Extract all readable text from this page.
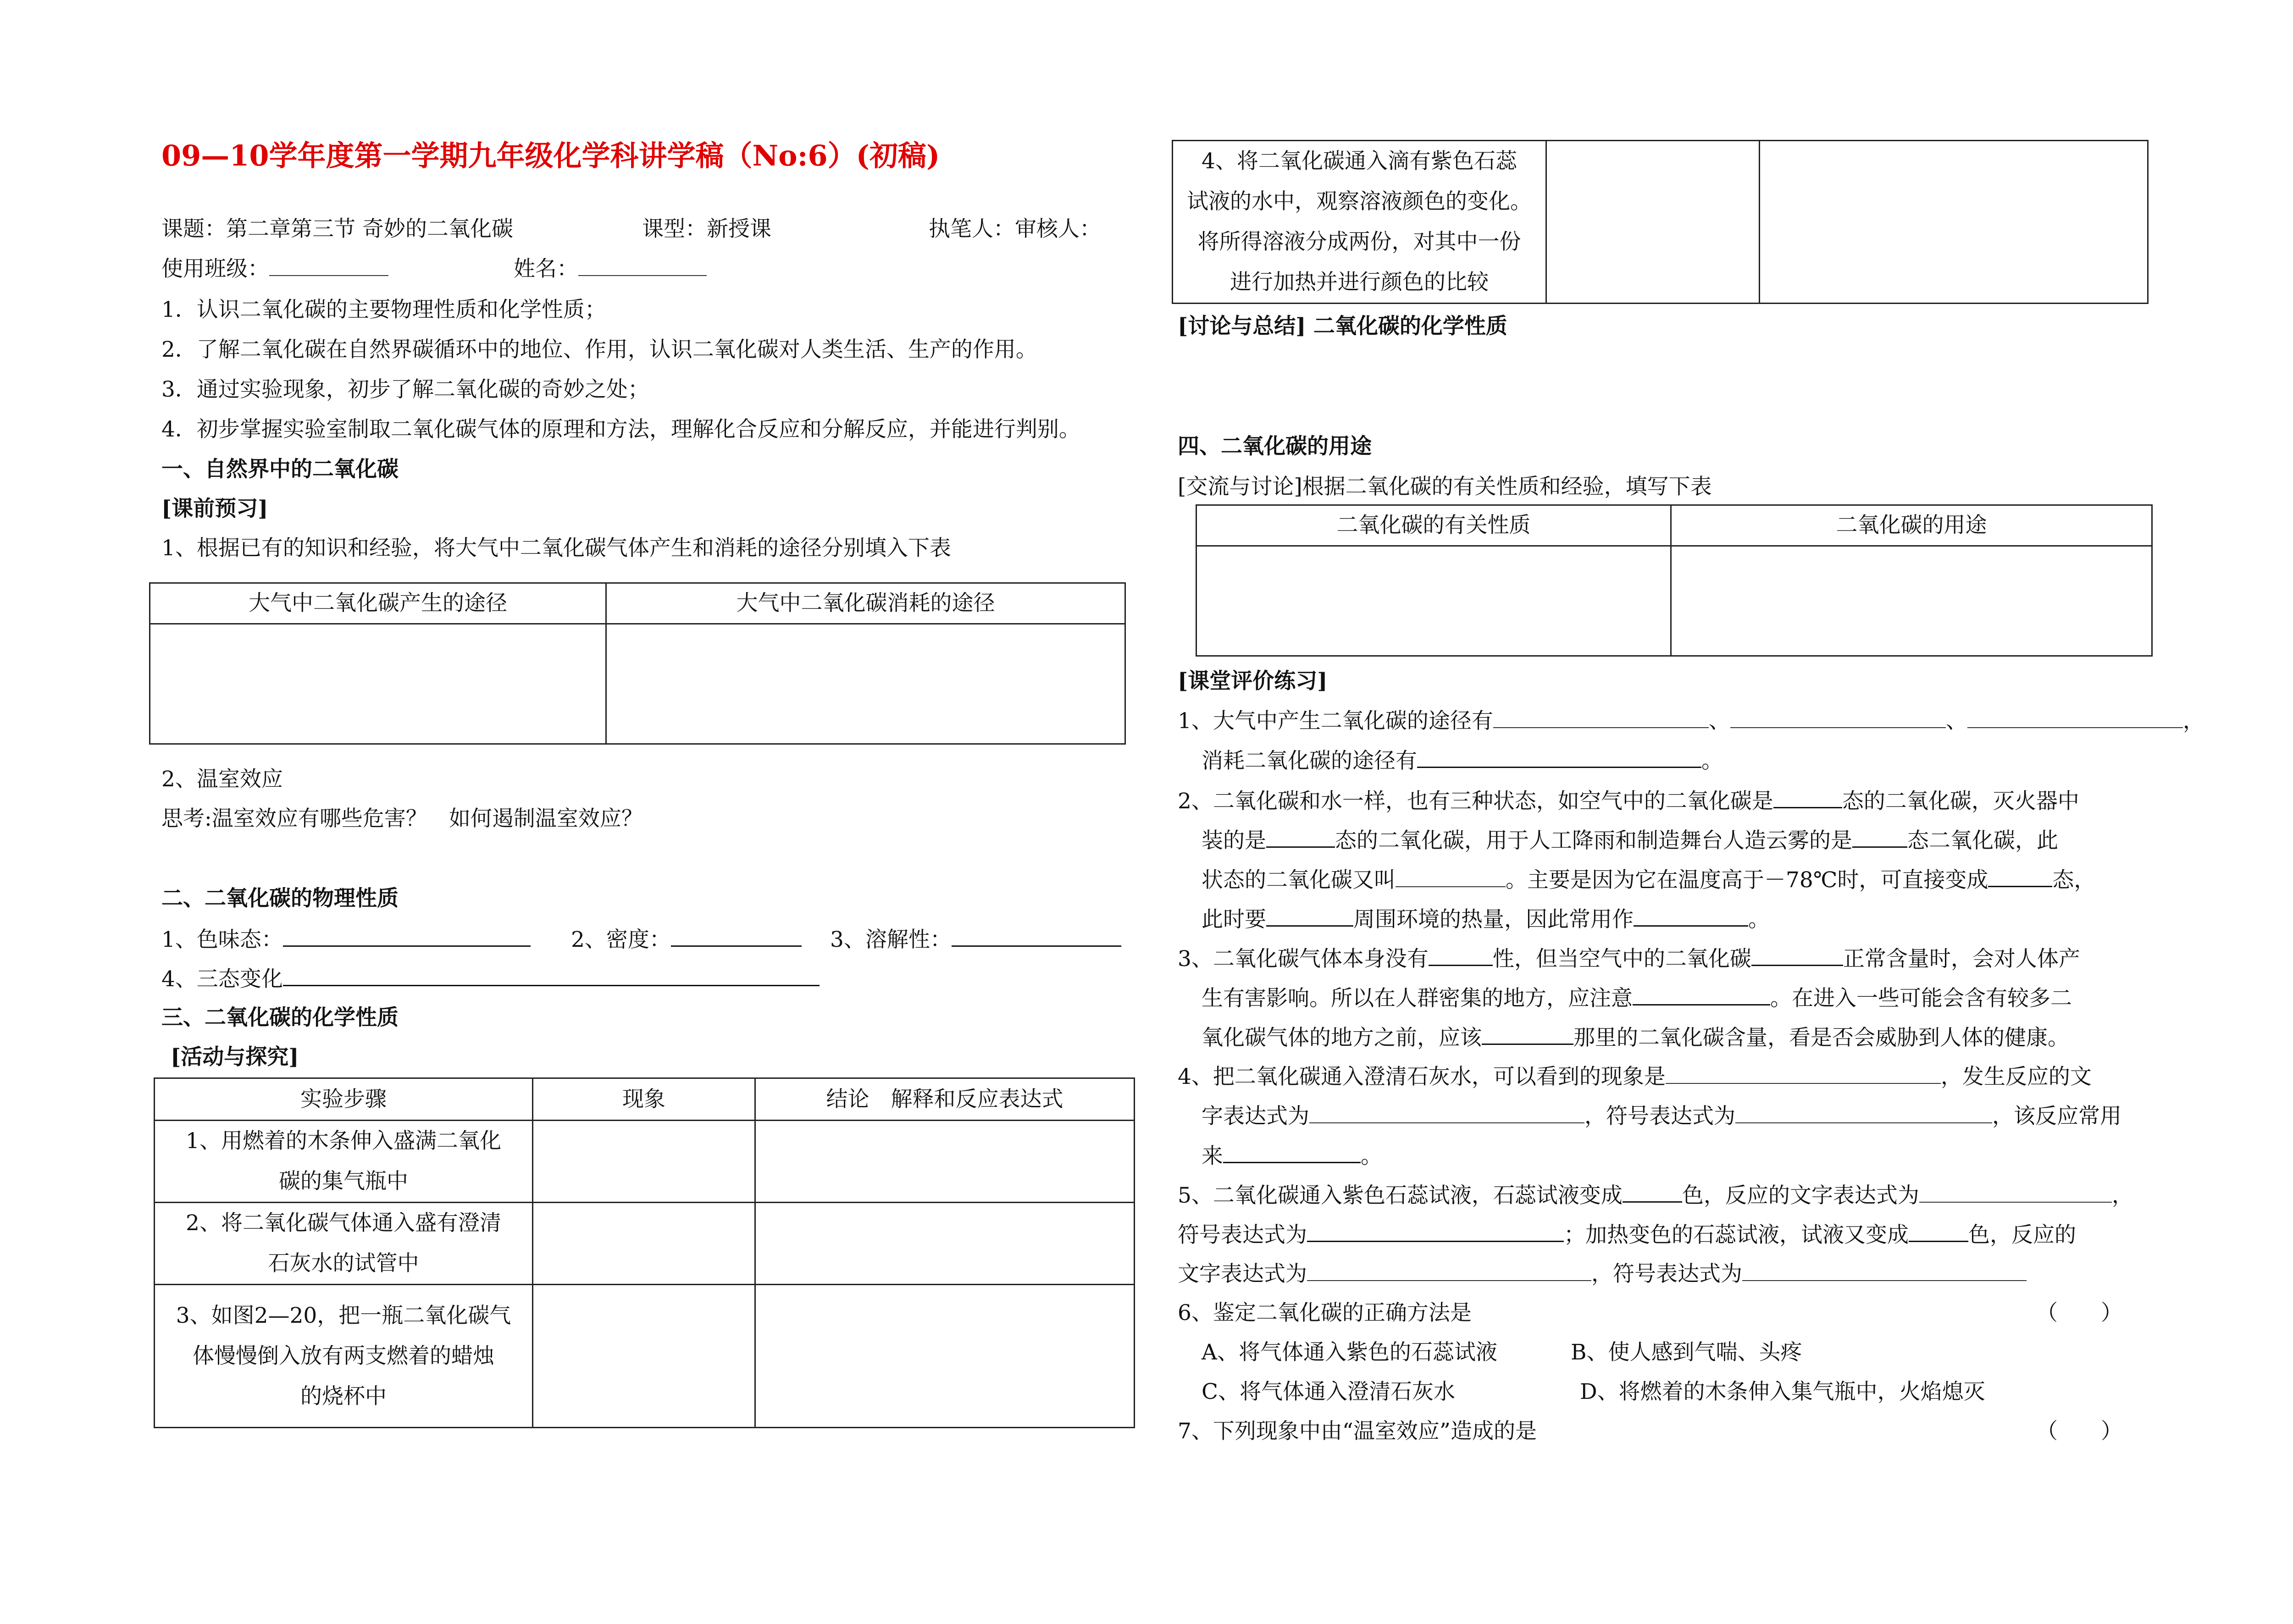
09—10学年度第一学期九年级化学科讲学稿（No:6）(初稿)
课题：第二章第三节 奇妙的二氧化碳	课型：新授课	执笔人：审核人：
使用班级：	姓名：
1．认识二氧化碳的主要物理性质和化学性质；
2．了解二氧化碳在自然界碳循环中的地位、作用，认识二氧化碳对人类生活、生产的作用。
3．通过实验现象，初步了解二氧化碳的奇妙之处；
4．初步掌握实验室制取二氧化碳气体的原理和方法，理解化合反应和分解反应，并能进行判别。
一、自然界中的二氧化碳
[课前预习]
1、根据已有的知识和经验，将大气中二氧化碳气体产生和消耗的途径分别填入下表
大气中二氧化碳产生的途径	大气中二氧化碳消耗的途径

2、温室效应
思考:温室效应有哪些危害？　如何遏制温室效应？
二、二氧化碳的物理性质
1、色味态：	2、密度：	3、溶解性：
4、三态变化
三、二氧化碳的化学性质
[活动与探究]
实验步骤	现象	结论　解释和反应表达式

1、用燃着的木条伸入盛满二氧化
碳的集气瓶中		

2、将二氧化碳气体通入盛有澄清
石灰水的试管中		

3、如图2—20，把一瓶二氧化碳气
体慢慢倒入放有两支燃着的蜡烛
的烧杯中		

4、将二氧化碳通入滴有紫色石蕊
试液的水中，观察溶液颜色的变化。
将所得溶液分成两份，对其中一份
进行加热并进行颜色的比较

[讨论与总结] 二氧化碳的化学性质
四、二氧化碳的用途
[交流与讨论]根据二氧化碳的有关性质和经验，填写下表
二氧化碳的有关性质	二氧化碳的用途

[课堂评价练习]
1、大气中产生二氧化碳的途径有	、	、	，
消耗二氧化碳的途径有	。
2、二氧化碳和水一样，也有三种状态，如空气中的二氧化碳是	态的二氧化碳，灭火器中
装的是	态的二氧化碳，用于人工降雨和制造舞台人造云雾的是	态二氧化碳，此
状态的二氧化碳又叫	。主要是因为它在温度高于－78℃时，可直接变成	态，
此时要	周围环境的热量，因此常用作	。
3、二氧化碳气体本身没有	性，但当空气中的二氧化碳	正常含量时，会对人体产
生有害影响。所以在人群密集的地方，应注意	。在进入一些可能会含有较多二
氧化碳气体的地方之前，应该	那里的二氧化碳含量，看是否会威胁到人体的健康。
4、把二氧化碳通入澄清石灰水，可以看到的现象是	，发生反应的文
字表达式为	，符号表达式为	，该反应常用
来	。
5、二氧化碳通入紫色石蕊试液，石蕊试液变成	色，反应的文字表达式为	，
符号表达式为	；加热变色的石蕊试液，试液又变成	色，反应的
文字表达式为	，符号表达式为
6、鉴定二氧化碳的正确方法是	（　　）
A、将气体通入紫色的石蕊试液	B、使人感到气喘、头疼
C、将气体通入澄清石灰水	D、将燃着的木条伸入集气瓶中，火焰熄灭
7、下列现象中由“温室效应”造成的是	（　　）
